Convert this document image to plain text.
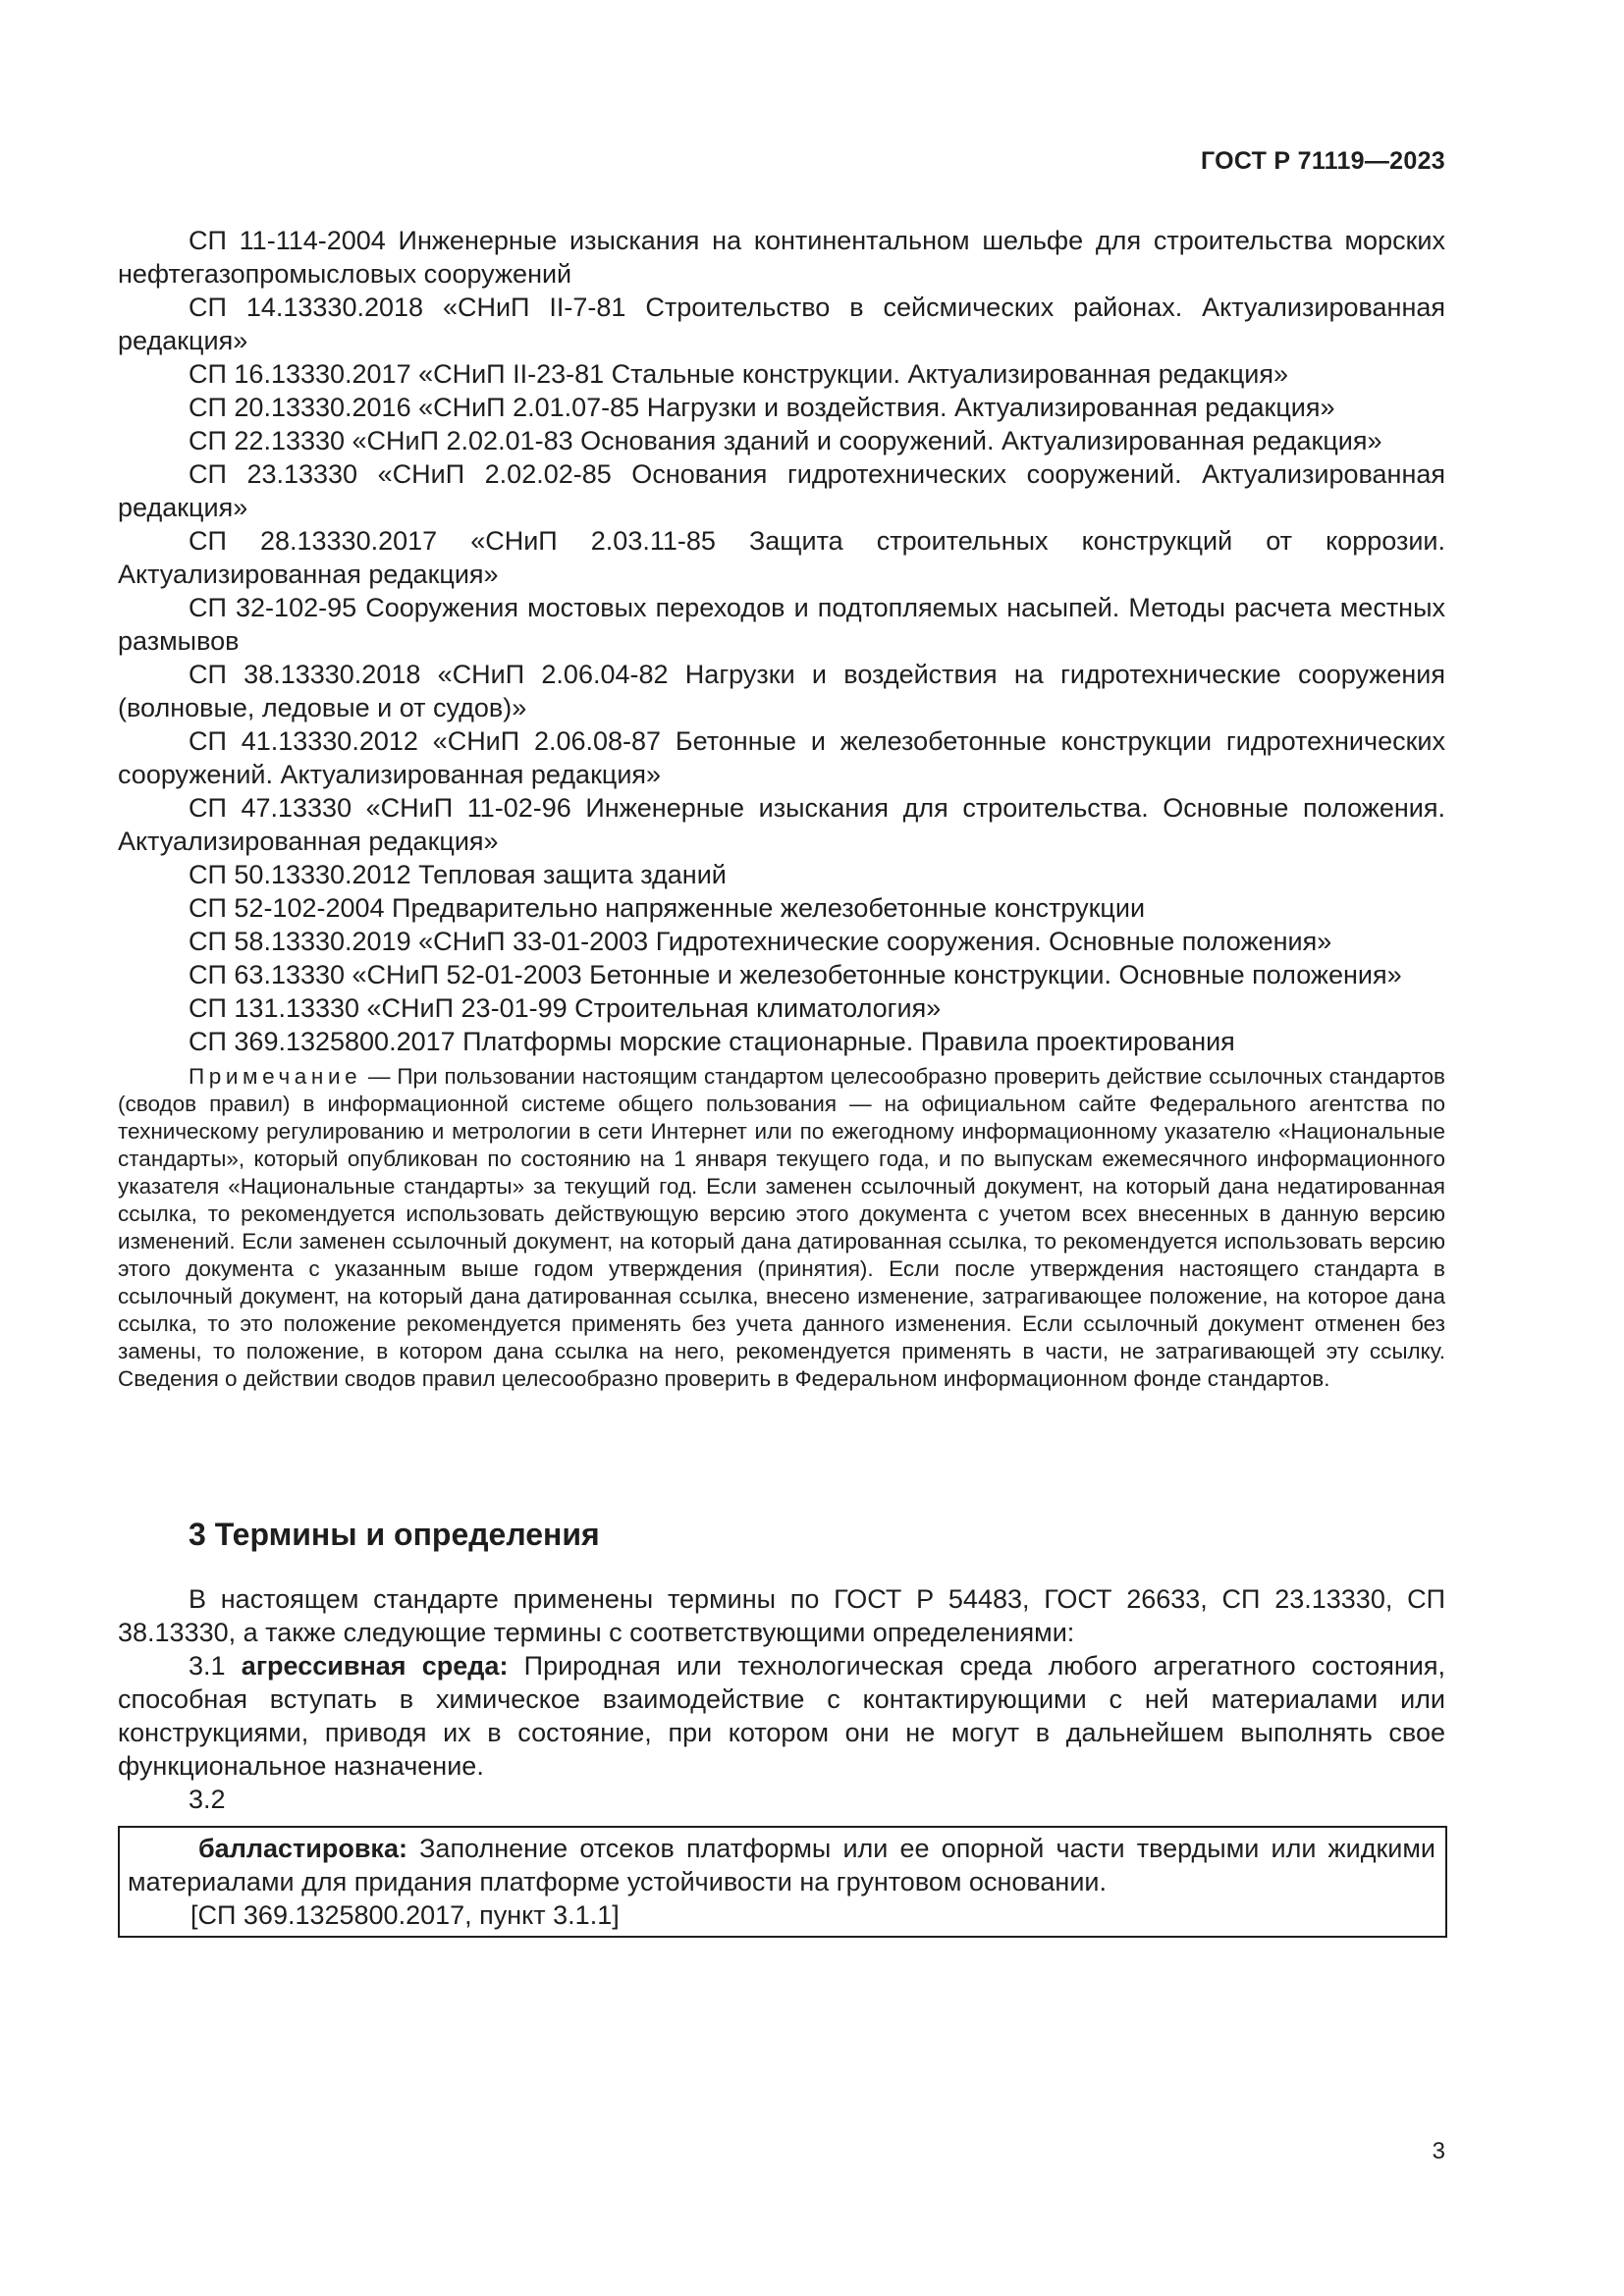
ГОСТ Р 71119—2023
СП 11-114-2004 Инженерные изыскания на континентальном шельфе для строительства морских нефтегазопромысловых сооружений
СП 14.13330.2018 «СНиП II-7-81 Строительство в сейсмических районах. Актуализированная редакция»
СП 16.13330.2017 «СНиП II-23-81 Стальные конструкции. Актуализированная редакция»
СП 20.13330.2016 «СНиП 2.01.07-85 Нагрузки и воздействия. Актуализированная редакция»
СП 22.13330 «СНиП 2.02.01-83 Основания зданий и сооружений. Актуализированная редакция»
СП 23.13330 «СНиП 2.02.02-85 Основания гидротехнических сооружений. Актуализированная редакция»
СП 28.13330.2017 «СНиП 2.03.11-85 Защита строительных конструкций от коррозии. Актуализированная редакция»
СП 32-102-95 Сооружения мостовых переходов и подтопляемых насыпей. Методы расчета местных размывов
СП 38.13330.2018 «СНиП 2.06.04-82 Нагрузки и воздействия на гидротехнические сооружения (волновые, ледовые и от судов)»
СП 41.13330.2012 «СНиП 2.06.08-87 Бетонные и железобетонные конструкции гидротехнических сооружений. Актуализированная редакция»
СП 47.13330 «СНиП 11-02-96 Инженерные изыскания для строительства. Основные положения. Актуализированная редакция»
СП 50.13330.2012 Тепловая защита зданий
СП 52-102-2004 Предварительно напряженные железобетонные конструкции
СП 58.13330.2019 «СНиП 33-01-2003 Гидротехнические сооружения. Основные положения»
СП 63.13330 «СНиП 52-01-2003 Бетонные и железобетонные конструкции. Основные положения»
СП 131.13330 «СНиП 23-01-99 Строительная климатология»
СП 369.1325800.2017 Платформы морские стационарные. Правила проектирования
Примечание — При пользовании настоящим стандартом целесообразно проверить действие ссылочных стандартов (сводов правил) в информационной системе общего пользования — на официальном сайте Федерального агентства по техническому регулированию и метрологии в сети Интернет или по ежегодному информационному указателю «Национальные стандарты», который опубликован по состоянию на 1 января текущего года, и по выпускам ежемесячного информационного указателя «Национальные стандарты» за текущий год. Если заменен ссылочный документ, на который дана недатированная ссылка, то рекомендуется использовать действующую версию этого документа с учетом всех внесенных в данную версию изменений. Если заменен ссылочный документ, на который дана датированная ссылка, то рекомендуется использовать версию этого документа с указанным выше годом утверждения (принятия). Если после утверждения настоящего стандарта в ссылочный документ, на который дана датированная ссылка, внесено изменение, затрагивающее положение, на которое дана ссылка, то это положение рекомендуется применять без учета данного изменения. Если ссылочный документ отменен без замены, то положение, в котором дана ссылка на него, рекомендуется применять в части, не затрагивающей эту ссылку. Сведения о действии сводов правил целесообразно проверить в Федеральном информационном фонде стандартов.
3 Термины и определения
В настоящем стандарте применены термины по ГОСТ Р 54483, ГОСТ 26633, СП 23.13330, СП 38.13330, а также следующие термины с соответствующими определениями:
3.1 агрессивная среда: Природная или технологическая среда любого агрегатного состояния, способная вступать в химическое взаимодействие с контактирующими с ней материалами или конструкциями, приводя их в состояние, при котором они не могут в дальнейшем выполнять свое функциональное назначение.
3.2
балластировка: Заполнение отсеков платформы или ее опорной части твердыми или жидкими материалами для придания платформе устойчивости на грунтовом основании.
[СП 369.1325800.2017, пункт 3.1.1]
3
